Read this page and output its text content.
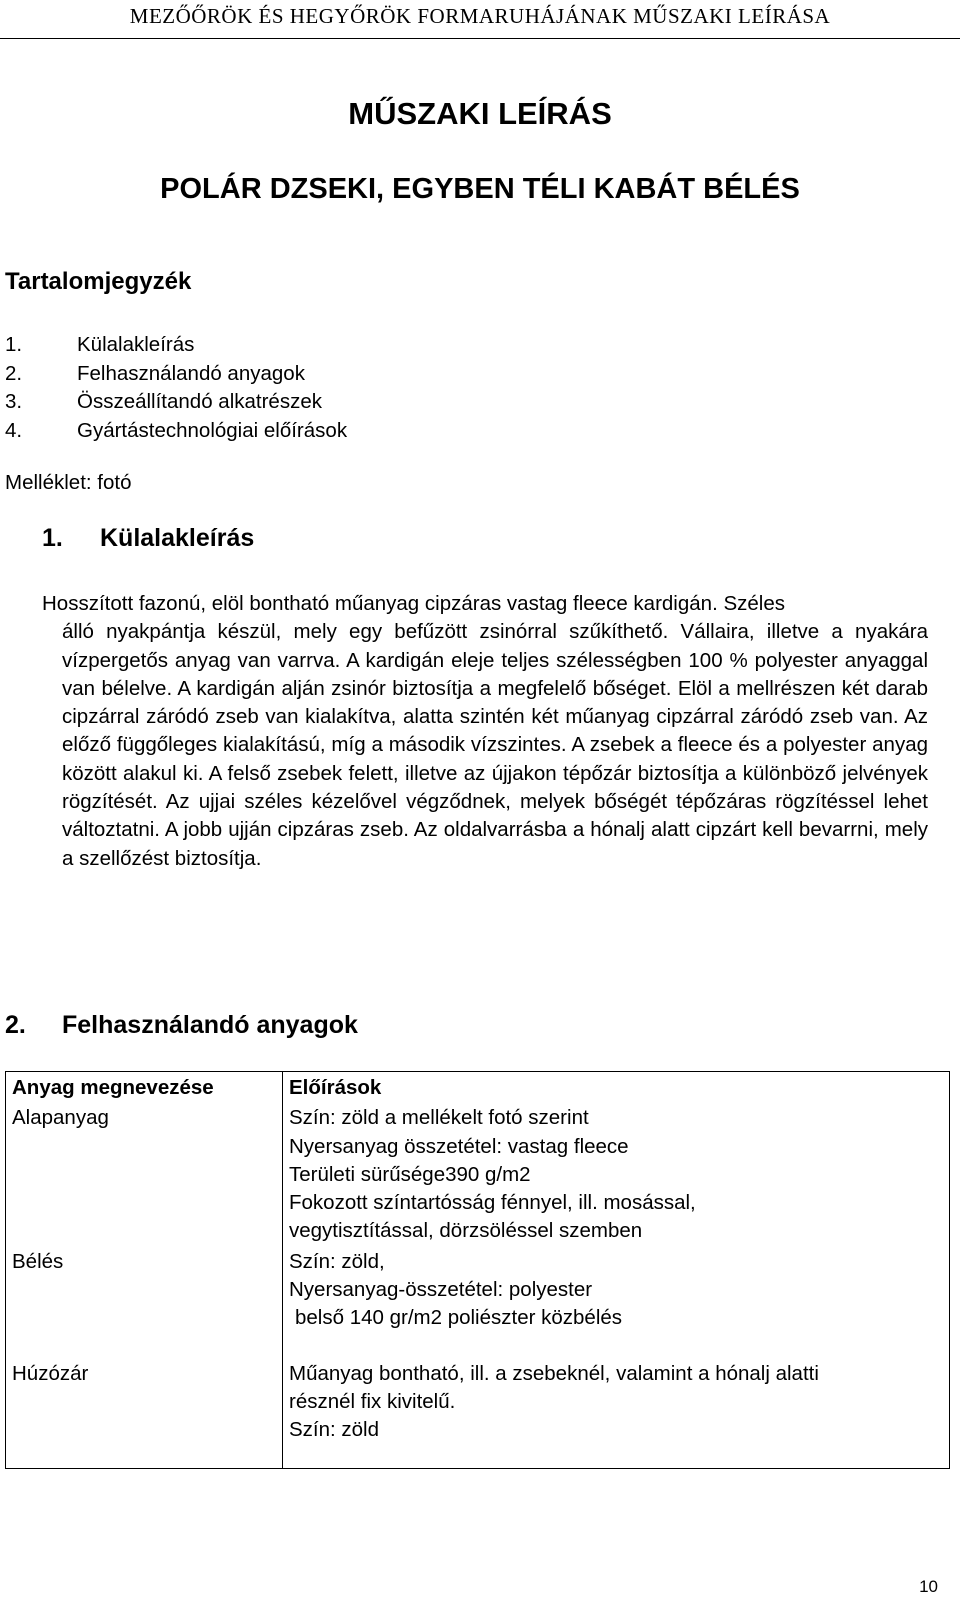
MEZŐŐRÖK ÉS HEGYŐRÖK FORMARUHÁJÁNAK MŰSZAKI LEÍRÁSA
MŰSZAKI LEÍRÁS
POLÁR DZSEKI, EGYBEN TÉLI KABÁT BÉLÉS
Tartalomjegyzék
1.	Külalakleírás
2.	Felhasználandó anyagok
3.	Összeállítandó alkatrészek
4.	Gyártástechnológiai előírások
Melléklet: fotó
1. Külalakleírás
Hosszított fazonú, elöl bontható műanyag cipzáras vastag fleece kardigán. Széles
álló nyakpántja készül, mely egy befűzött zsinórral szűkíthető. Vállaira, illetve a nyakára vízpergetős anyag van varrva. A kardigán eleje teljes szélességben 100 % polyester anyaggal van bélelve. A kardigán alján zsinór biztosítja a megfelelő bőséget. Elöl a mellrészen két darab cipzárral záródó zseb van kialakítva, alatta szintén két műanyag cipzárral záródó zseb van. Az előző függőleges kialakítású, míg a második vízszintes. A zsebek a fleece és a polyester anyag között alakul ki. A felső zsebek felett, illetve az újjakon tépőzár biztosítja a különböző jelvények rögzítését. Az ujjai széles kézelővel végződnek, melyek bőségét tépőzáras rögzítéssel lehet változtatni. A jobb ujján cipzáras zseb. Az oldalvarrásba a hónalj alatt cipzárt kell bevarrni, mely a szellőzést biztosítja.
2. Felhasználandó anyagok
Anyag megnevezése	Előírások
Alapanyag	Szín: zöld a mellékelt fotó szerint
Nyersanyag összetétel: vastag fleece
Területi sürűsége390 g/m2
Fokozott színtartósság fénnyel, ill. mosással,
vegytisztítással, dörzsöléssel szemben

Bélés	Szín: zöld,
Nyersanyag-összetétel: polyester
belső 140 gr/m2 poliészter közbélés

Húzózár	Műanyag bontható, ill. a zsebeknél, valamint a hónalj alatti
résznél fix kivitelű.
Szín: zöld
10
